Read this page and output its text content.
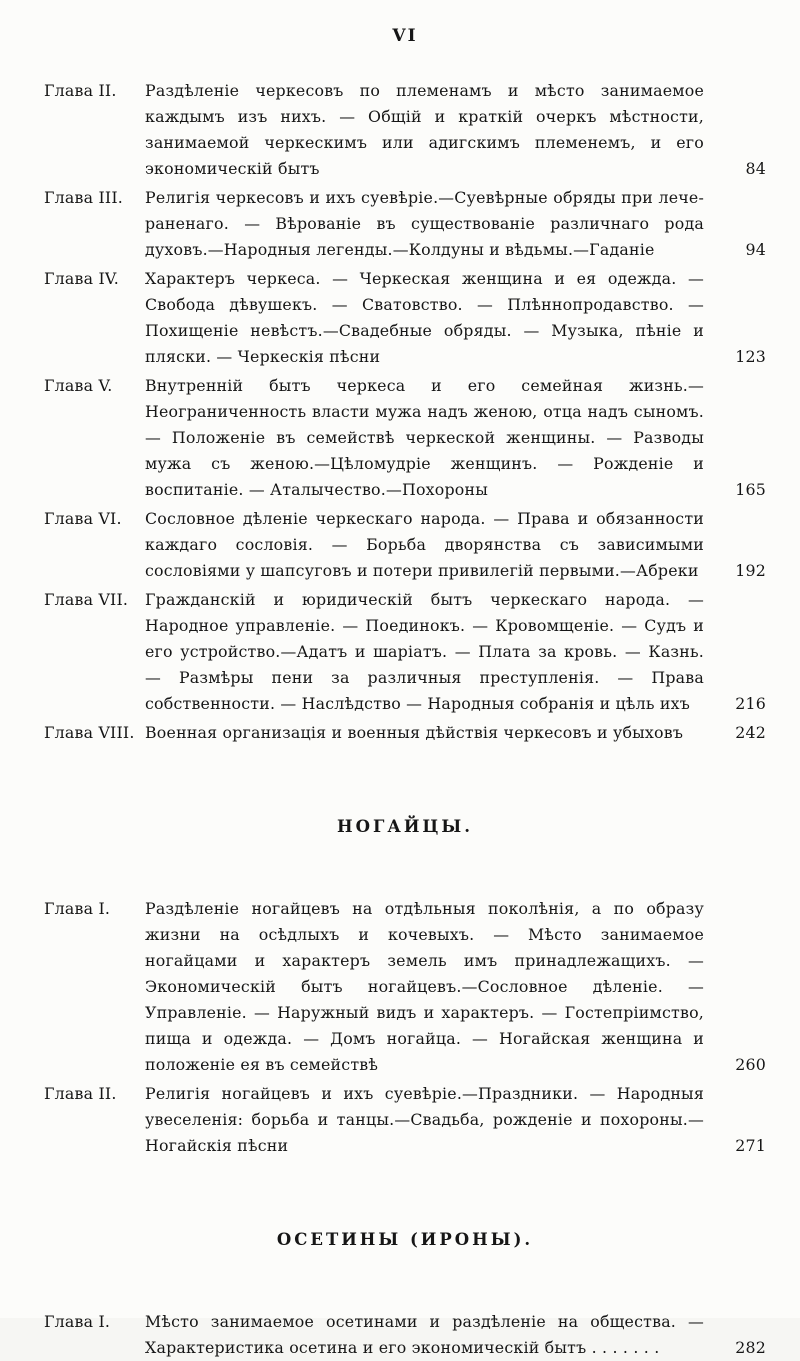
VI
Глава II.	Раздѣленіе черкесовъ по племенамъ и мѣсто занимаемое каждымъ изъ нихъ. — Общій и краткій очеркъ мѣстности, занимаемой черкескимъ или адигскимъ племенемъ, и его экономическій бытъ	84
Глава III.	Религія черкесовъ и ихъ суевѣріе.—Суевѣрные обряды при лече-раненаго. — Вѣрованіе въ существованіе различнаго рода духовъ.—Народныя легенды.—Колдуны и вѣдьмы.—Гаданіе	94
Глава IV.	Характеръ черкеса. — Черкеская женщина и ея одежда. — Свобода дѣвушекъ. — Сватовство. — Плѣннопродавство. — Похищеніе невѣстъ.—Свадебные обряды. — Музыка, пѣніе и пляски. — Черкескія пѣсни	123
Глава V.	Внутренній бытъ черкеса и его семейная жизнь.—Неограниченность власти мужа надъ женою, отца надъ сыномъ. — Положеніе въ семействѣ черкеской женщины. — Разводы мужа съ женою.—Цѣломудріе женщинъ. — Рожденіе и воспитаніе. — Аталычество.—Похороны	165
Глава VI.	Сословное дѣленіе черкескаго народа. — Права и обязанности каждаго сословія. — Борьба дворянства съ зависимыми сословіями у шапсуговъ и потери привилегій первыми.—Абреки	192
Глава VII.	Гражданскій и юридическій бытъ черкескаго народа. — Народное управленіе. — Поединокъ. — Кровомщеніе. — Судъ и его устройство.—Адатъ и шаріатъ. — Плата за кровь. — Казнь. — Размѣры пени за различныя преступленія. — Права собственности. — Наслѣдство — Народныя собранія и цѣль ихъ	216
Глава VIII. Военная организація и военныя дѣйствія черкесовъ и убыховъ	242
НОГАЙЦЫ.
Глава I.	Раздѣленіе ногайцевъ на отдѣльныя поколѣнія, а по образу жизни на осѣдлыхъ и кочевыхъ. — Мѣсто занимаемое ногайцами и характеръ земель имъ принадлежащихъ. — Экономическій бытъ ногайцевъ.—Сословное дѣленіе. — Управленіе. — Наружный видъ и характеръ. — Гостепріимство, пища и одежда. — Домъ ногайца. — Ногайская женщина и положеніе ея въ семействѣ	260
Глава II.	Религія ногайцевъ и ихъ суевѣріе.—Праздники. — Народныя увеселенія: борьба и танцы.—Свадьба, рожденіе и похороны.—Ногайскія пѣсни	271
ОСЕТИНЫ (ИРОНЫ).
Глава I.	Мѣсто занимаемое осетинами и раздѣленіе на общества. — Характеристика осетина и его экономическій бытъ . . . . . . .	282
